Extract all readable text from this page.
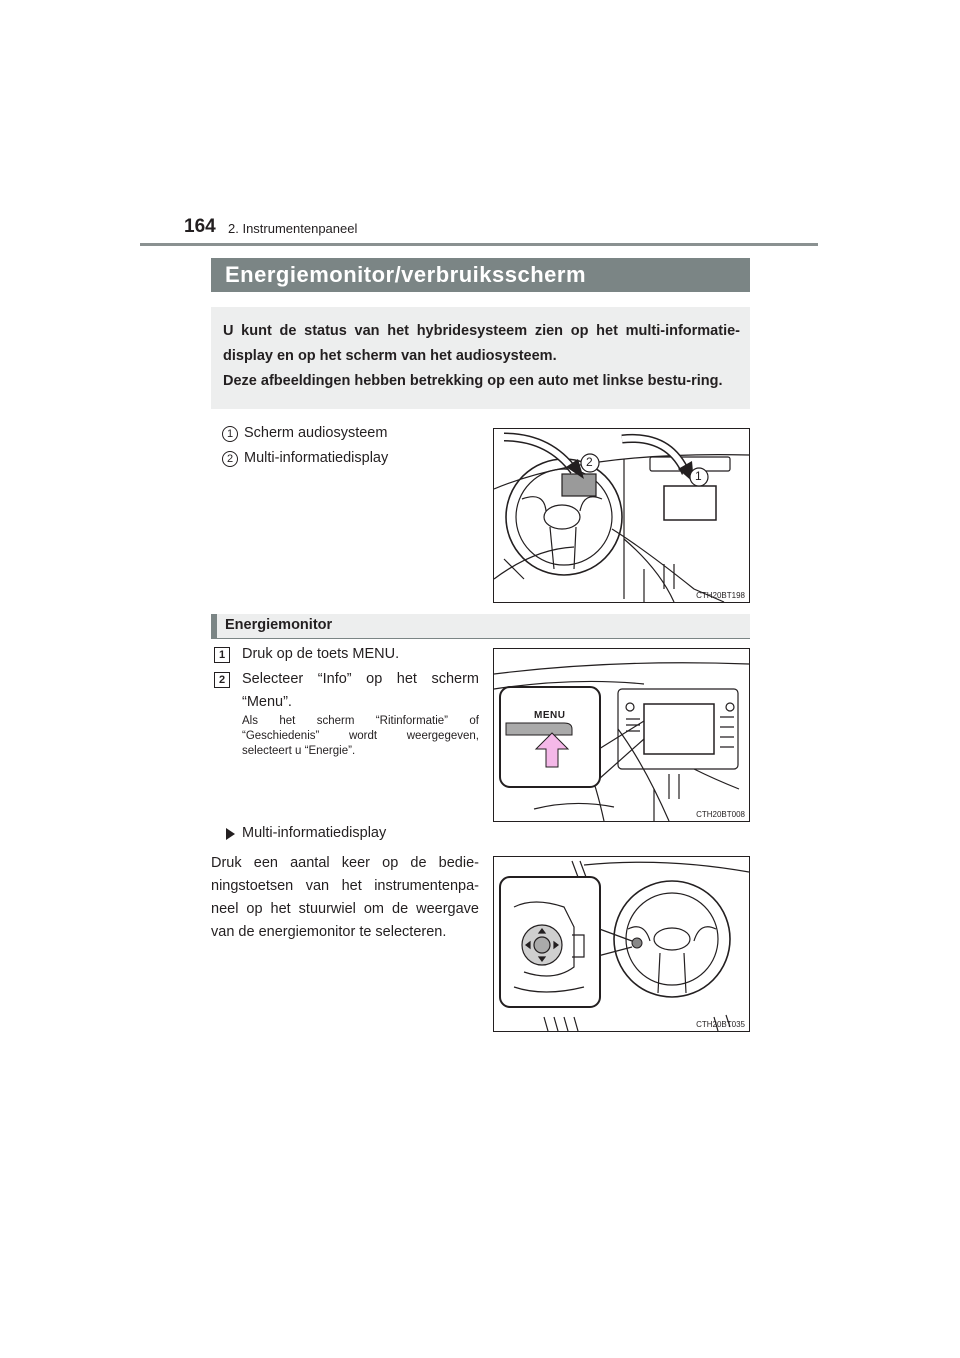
164 2. Instrumentenpaneel
Energiemonitor/verbruiksscherm

U kunt de status van het hybridesysteem zien op het multi-informatie-display en op het scherm van het audiosysteem.

Deze afbeeldingen hebben betrekking op een auto met linkse bestu-ring.

1 Scherm audiosysteem
2 Multi-informatiedisplay	2
1
CTH20BT198
Energiemonitor
1	Druk op de toets MENU.
2	Selecteer “Info” op het scherm “Menu”.
Als het scherm “Ritinformatie” of “Geschiedenis” wordt weergegeven, selecteert u “Energie”.
MENU
CTH20BT008
Multi-informatiedisplay
Druk een aantal keer op de bedie-ningstoetsen van het instrumentenpa-neel op het stuurwiel om de weergave van de energiemonitor te selecteren.
CTH20BT035
